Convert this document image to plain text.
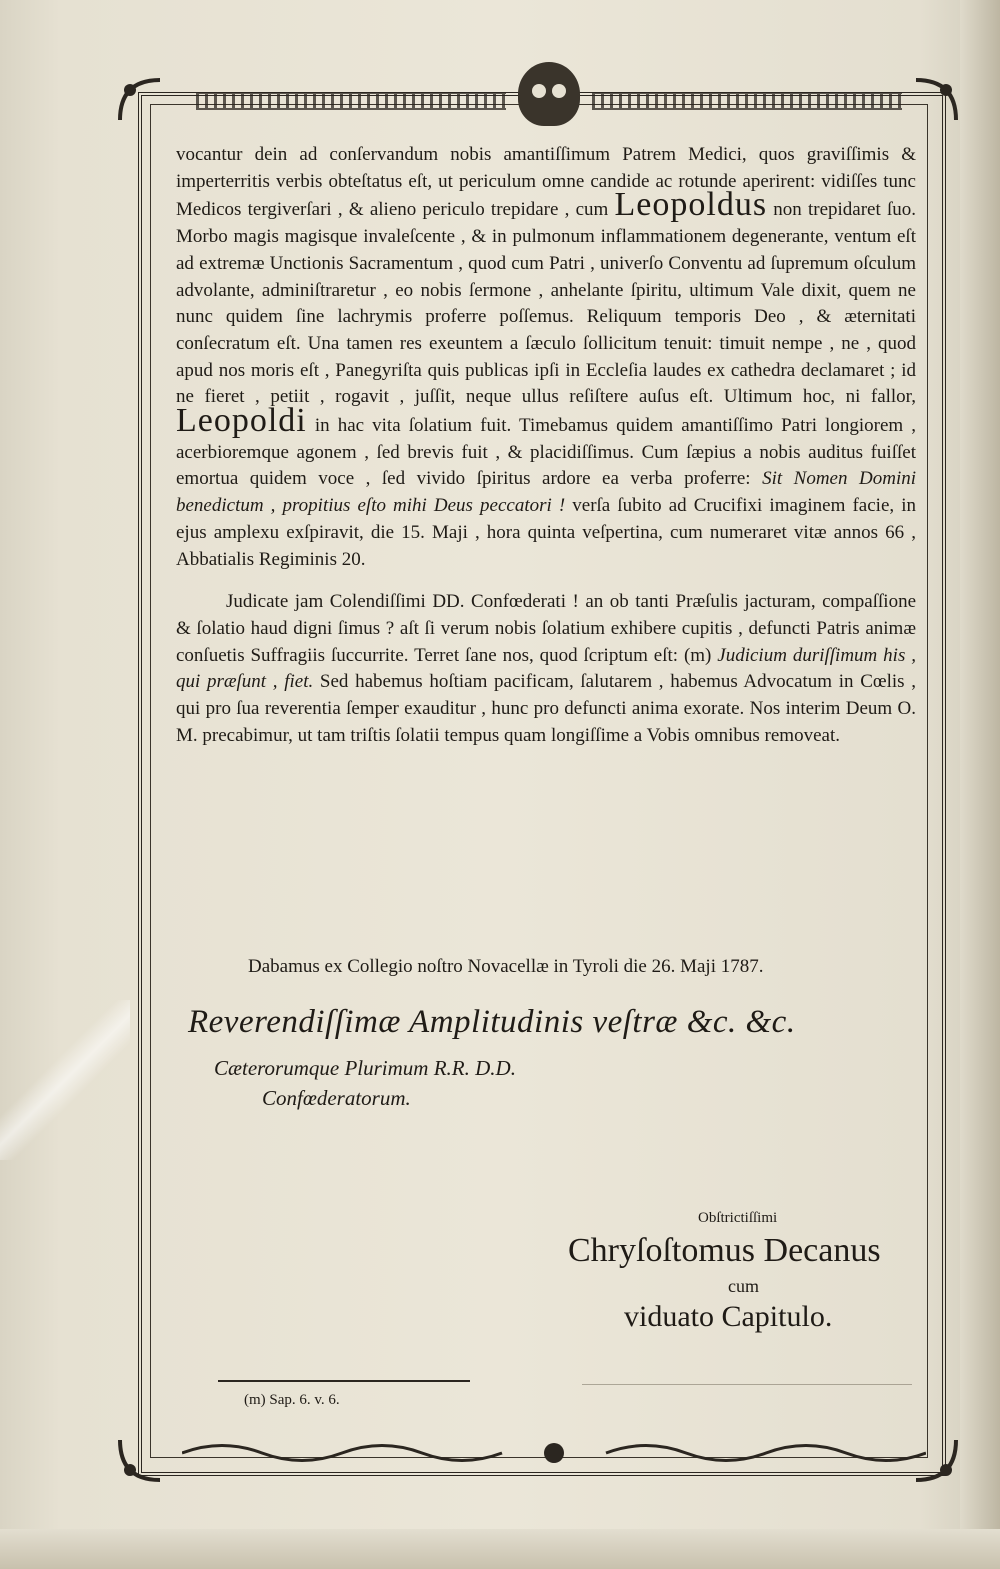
vocantur dein ad conſervandum nobis amantiſſimum Patrem Medici, quos graviſſimis & imperterritis verbis obteſtatus eſt, ut periculum omne candide ac rotunde aperirent: vidiſſes tunc Medicos tergiverſari , & alieno periculo trepidare , cum Leopoldus non trepidaret ſuo. Morbo magis magisque invaleſcente , & in pulmonum inflammationem degenerante, ventum eſt ad extremæ Unctionis Sacramentum , quod cum Patri , univerſo Conventu ad ſupremum oſculum advolante, adminiſtraretur , eo nobis ſermone , anhelante ſpiritu, ultimum Vale dixit, quem ne nunc quidem ſine lachrymis proferre poſſemus. Reliquum temporis Deo , & æternitati conſecratum eſt. Una tamen res exeuntem a ſæculo ſollicitum tenuit: timuit nempe , ne , quod apud nos moris eſt , Panegyriſta quis publicas ipſi in Eccleſia laudes ex cathedra declamaret ; id ne fieret , petiit , rogavit , juſſit, neque ullus reſiſtere auſus eſt. Ultimum hoc, ni fallor, Leopoldi in hac vita ſolatium fuit. Timebamus quidem amantiſſimo Patri longiorem , acerbioremque agonem , ſed brevis fuit , & placidiſſimus. Cum ſæpius a nobis auditus fuiſſet emortua quidem voce , ſed vivido ſpiritus ardore ea verba proferre: Sit Nomen Domini benedictum , propitius eſto mihi Deus peccatori ! verſa ſubito ad Crucifixi imaginem facie, in ejus amplexu exſpiravit, die 15. Maji , hora quinta veſpertina, cum numeraret vitæ annos 66 , Abbatialis Regiminis 20.

Judicate jam Colendiſſimi DD. Confœderati ! an ob tanti Præſulis jacturam, compaſſione & ſolatio haud digni ſimus ? aſt ſi verum nobis ſolatium exhibere cupitis , defuncti Patris animæ conſuetis Suffragiis ſuccurrite. Terret ſane nos, quod ſcriptum eſt: (m) Judicium duriſſimum his , qui præſunt , fiet. Sed habemus hoſtiam pacificam, ſalutarem , habemus Advocatum in Cœlis , qui pro ſua reverentia ſemper exauditur , hunc pro defuncti anima exorate. Nos interim Deum O. M. precabimur, ut tam triſtis ſolatii tempus quam longiſſime a Vobis omnibus removeat.

Dabamus ex Collegio noſtro Novacellæ in Tyroli die 26. Maji 1787.
Reverendiſſimæ Amplitudinis veſtræ &c. &c.
Cæterorumque Plurimum R.R. D.D.
Confœderatorum.
Obſtrictiſſimi
Chryſoſtomus Decanus
cum
viduato Capitulo.
(m) Sap. 6. v. 6.
